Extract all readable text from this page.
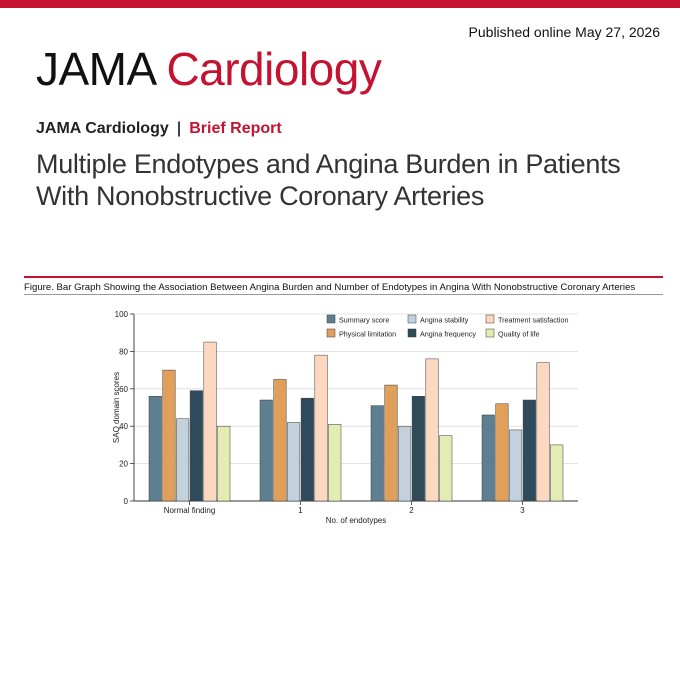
Published online May 27, 2026
JAMA Cardiology
JAMA Cardiology | Brief Report
Multiple Endotypes and Angina Burden in Patients With Nonobstructive Coronary Arteries
Figure. Bar Graph Showing the Association Between Angina Burden and Number of Endotypes in Angina With Nonobstructive Coronary Arteries
0
20
40
60
80
100
SAQ domain scores
Normal finding	1	2	3
No. of endotypes
Summary score	Angina stability	Treatment satisfaction
Physical limitation	Angina frequency	Quality of life
